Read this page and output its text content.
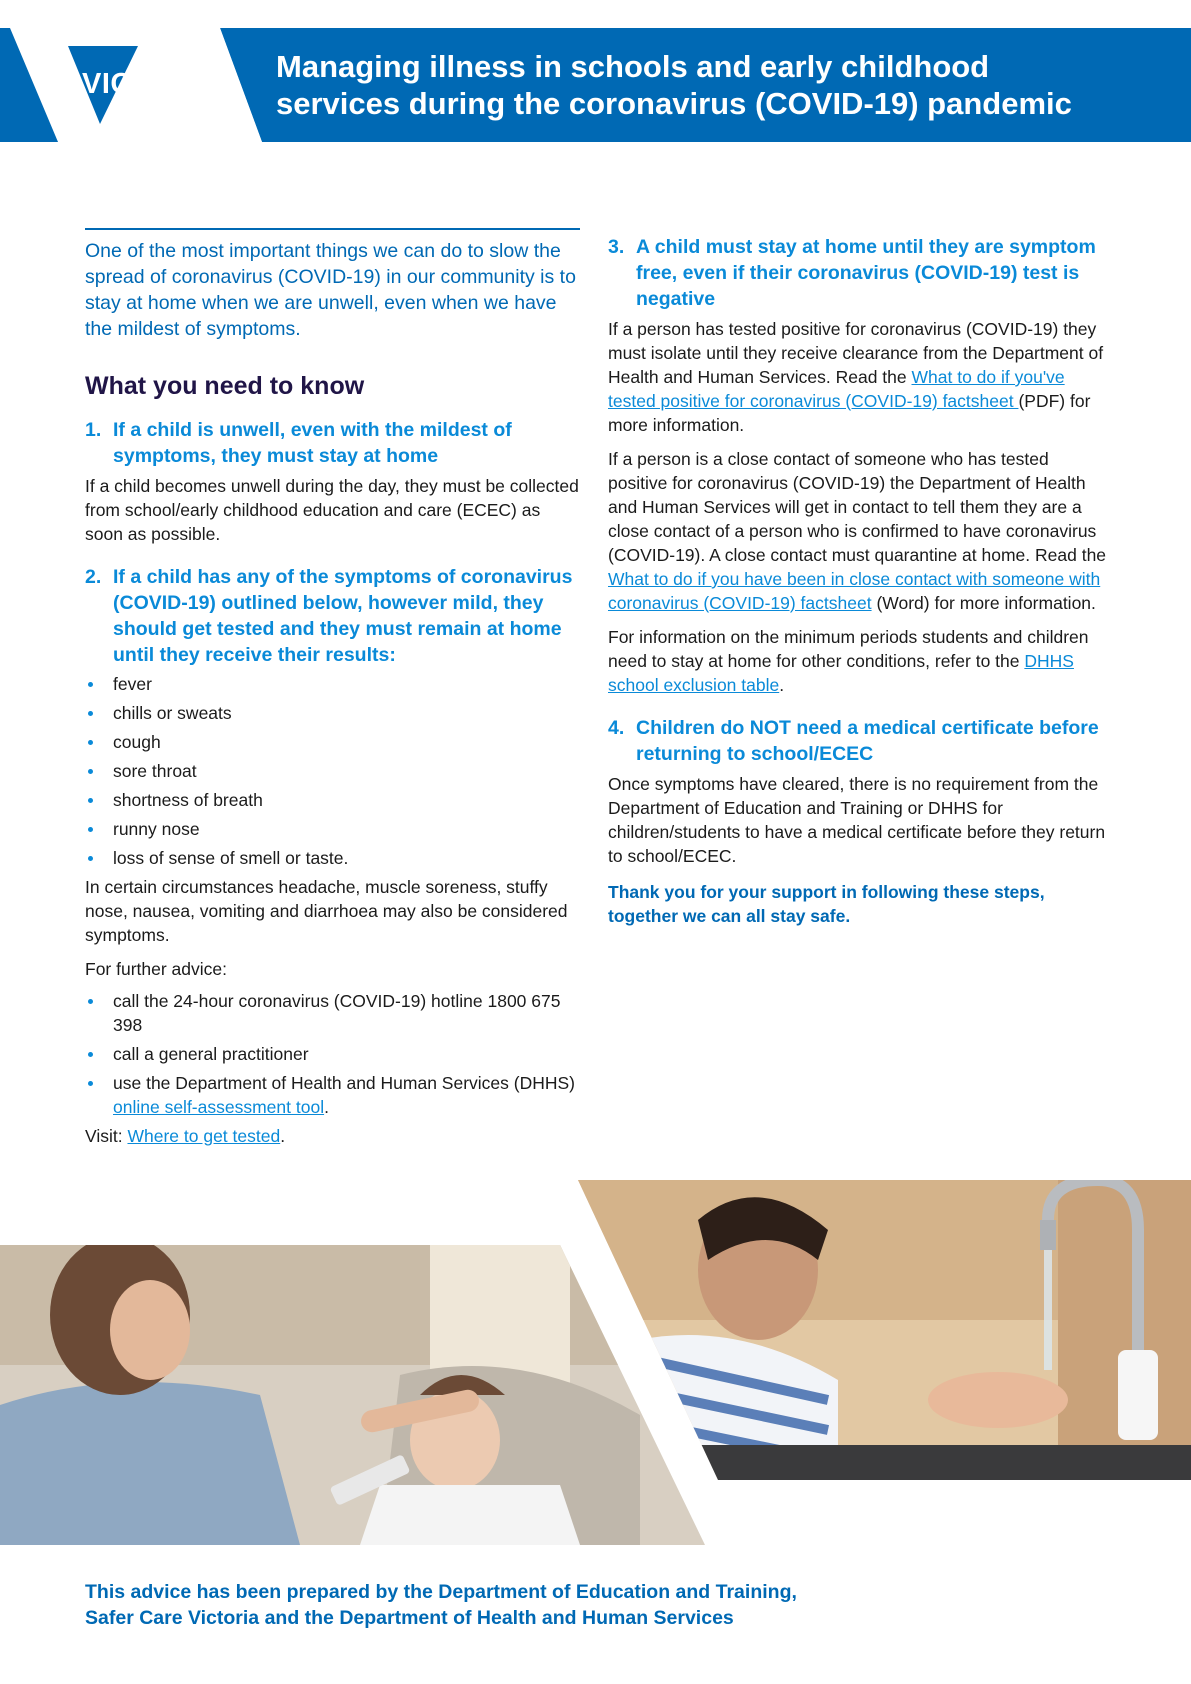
VICTORIA
State
Government
Managing illness in schools and early childhood
services during the coronavirus (COVID-19) pandemic

One of the most important things we can do to slow the spread of coronavirus (COVID-19) in our community is to stay at home when we are unwell, even when we have the mildest of symptoms.

What you need to know
1. If a child is unwell, even with the mildest of symptoms, they must stay at home

If a child becomes unwell during the day, they must be collected from school/early childhood education and care (ECEC) as soon as possible.

2. If a child has any of the symptoms of coronavirus (COVID-19) outlined below, however mild, they should get tested and they must remain at home until they receive their results:
fever
chills or sweats
cough
sore throat
shortness of breath
runny nose
loss of sense of smell or taste.

In certain circumstances headache, muscle soreness, stuffy nose, nausea, vomiting and diarrhoea may also be considered symptoms.

For further advice:

call the 24-hour coronavirus (COVID-19) hotline 1800 675 398
call a general practitioner
use the Department of Health and Human Services (DHHS) online self-assessment tool.

Visit: Where to get tested.

3. A child must stay at home until they are symptom free, even if their coronavirus (COVID-19) test is negative

If a person has tested positive for coronavirus (COVID-19) they must isolate until they receive clearance from the Department of Health and Human Services. Read the What to do if you've tested positive for coronavirus (COVID-19) factsheet (PDF) for more information.

If a person is a close contact of someone who has tested positive for coronavirus (COVID-19) the Department of Health and Human Services will get in contact to tell them they are a close contact of a person who is confirmed to have coronavirus (COVID-19). A close contact must quarantine at home. Read the What to do if you have been in close contact with someone with coronavirus (COVID-19) factsheet (Word) for more information.

For information on the minimum periods students and children need to stay at home for other conditions, refer to the DHHS school exclusion table.

4. Children do NOT need a medical certificate before returning to school/ECEC

Once symptoms have cleared, there is no requirement from the Department of Education and Training or DHHS for children/students to have a medical certificate before they return to school/ECEC.

Thank you for your support in following these steps, together we can all stay safe.

This advice has been prepared by the Department of Education and Training,
Safer Care Victoria and the Department of Health and Human Services
